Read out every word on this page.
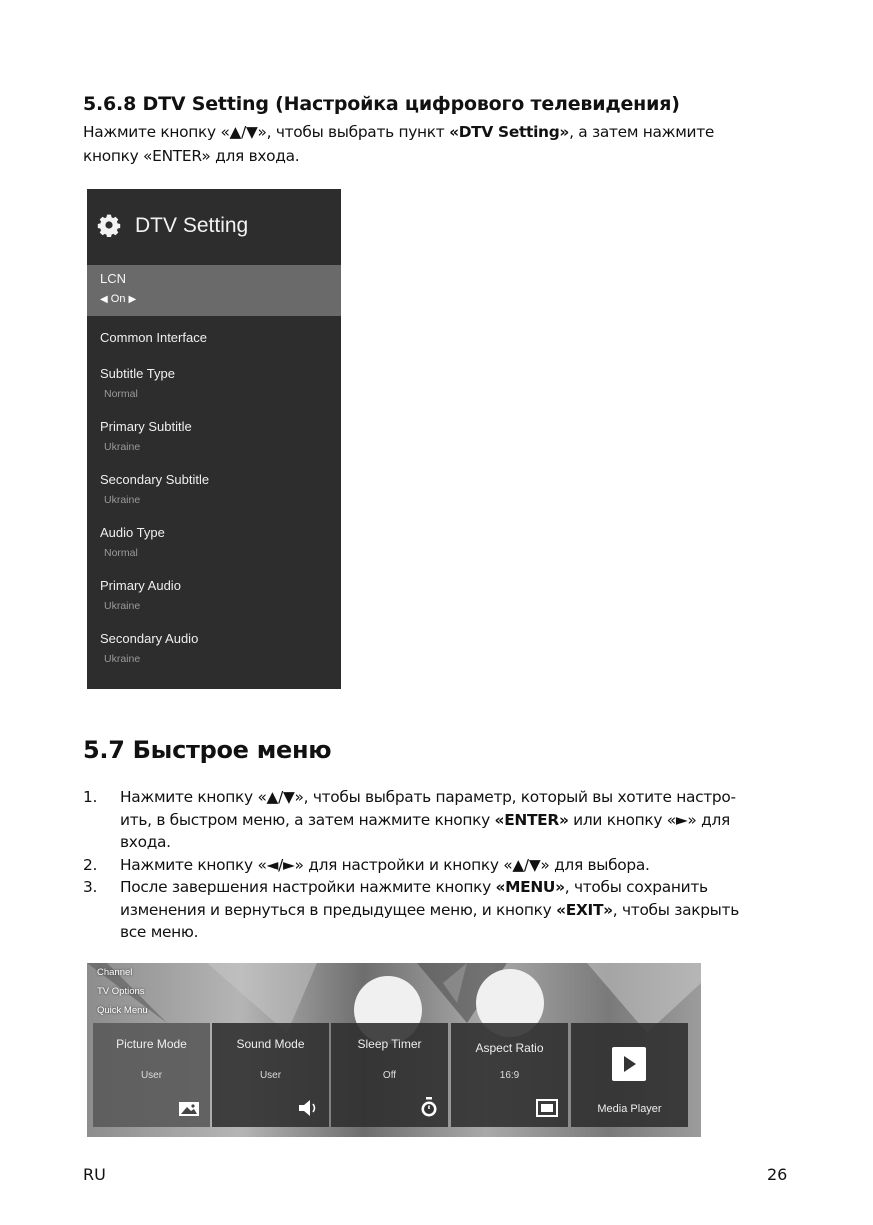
5.6.8 DTV Setting (Настройка цифрового телевидения)

Нажмите кнопку «▲/▼», чтобы выбрать пункт «DTV Setting», а затем нажмите

кнопку «ENTER» для входа.

DTV Setting
LCN
◀ On ▶
Common Interface
Subtitle Type
Normal
Primary Subtitle
Ukraine
Secondary Subtitle
Ukraine
Audio Type
Normal
Primary Audio
Ukraine
Secondary Audio
Ukraine
5.7 Быстрое меню
1. Нажмите кнопку «▲/▼», чтобы выбрать параметр, который вы хотите настро-
ить, в быстром меню, а затем нажмите кнопку «ENTER» или кнопку «►» для
входа.
2. Нажмите кнопку «◄/►» для настройки и кнопку «▲/▼» для выбора.
3. После завершения настройки нажмите кнопку «MENU», чтобы сохранить
изменения и вернуться в предыдущее меню, и кнопку «EXIT», чтобы закрыть
все меню.
Channel
TV Options
Quick Menu
Picture Mode
User
Sound Mode
User
Sleep Timer
Off
Aspect Ratio
16:9
Media Player
RU	26
